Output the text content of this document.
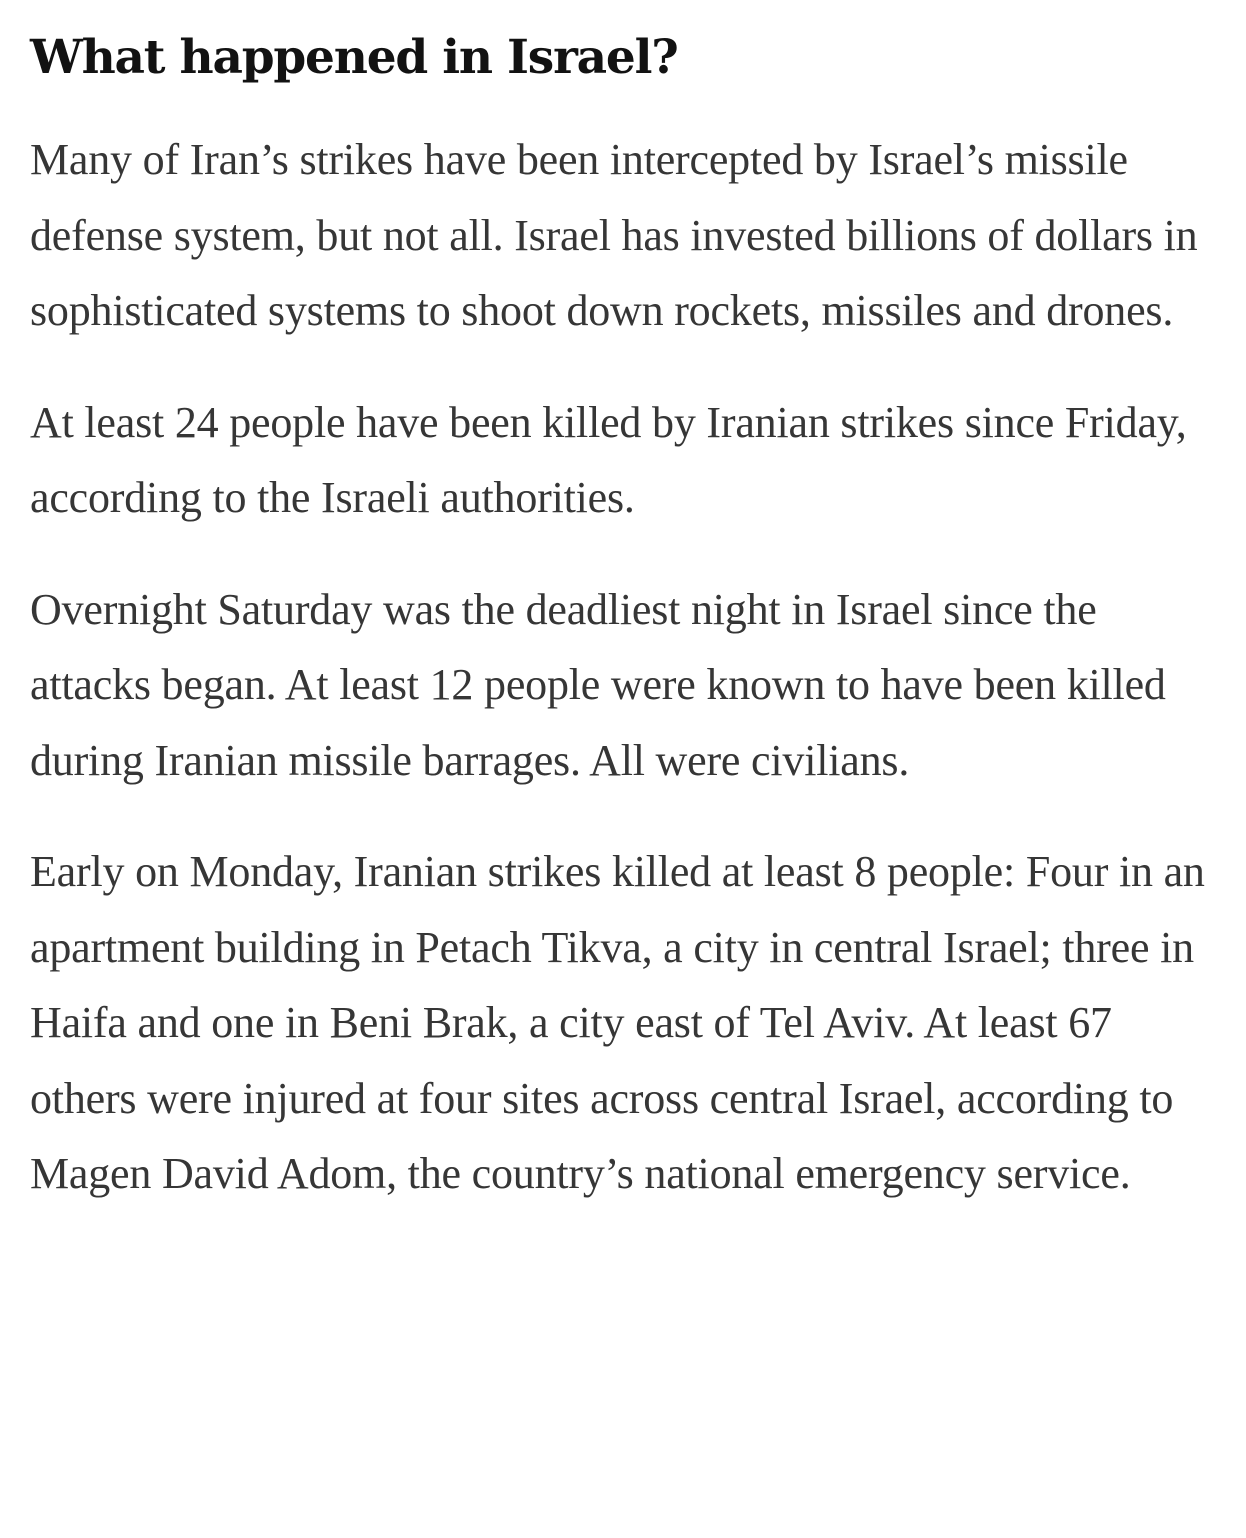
What happened in Israel?

Many of Iran’s strikes have been intercepted by Israel’s missile defense system, but not all. Israel has invested billions of dollars in sophisticated systems to shoot down rockets, missiles and drones.

At least 24 people have been killed by Iranian strikes since Friday, according to the Israeli authorities.

Overnight Saturday was the deadliest night in Israel since the attacks began. At least 12 people were known to have been killed during Iranian missile barrages. All were civilians.

Early on Monday, Iranian strikes killed at least 8 people: Four in an apartment building in Petach Tikva, a city in central Israel; three in Haifa and one in Beni Brak, a city east of Tel Aviv. At least 67 others were injured at four sites across central Israel, according to Magen David Adom, the country’s national emergency service.
